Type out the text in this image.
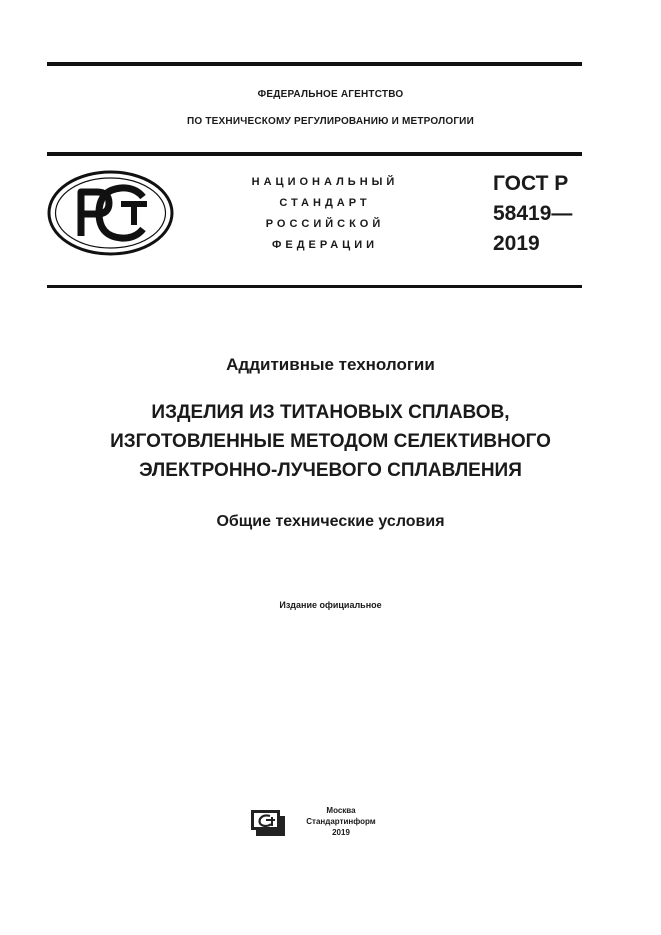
ФЕДЕРАЛЬНОЕ АГЕНТСТВО
ПО ТЕХНИЧЕСКОМУ РЕГУЛИРОВАНИЮ И МЕТРОЛОГИИ
НАЦИОНАЛЬНЫЙ
СТАНДАРТ
РОССИЙСКОЙ
ФЕДЕРАЦИИ
ГОСТ Р
58419—
2019
Аддитивные технологии
ИЗДЕЛИЯ ИЗ ТИТАНОВЫХ СПЛАВОВ,
ИЗГОТОВЛЕННЫЕ МЕТОДОМ СЕЛЕКТИВНОГО
ЭЛЕКТРОННО-ЛУЧЕВОГО СПЛАВЛЕНИЯ
Общие технические условия
Издание официальное
Москва
Стандартинформ
2019
